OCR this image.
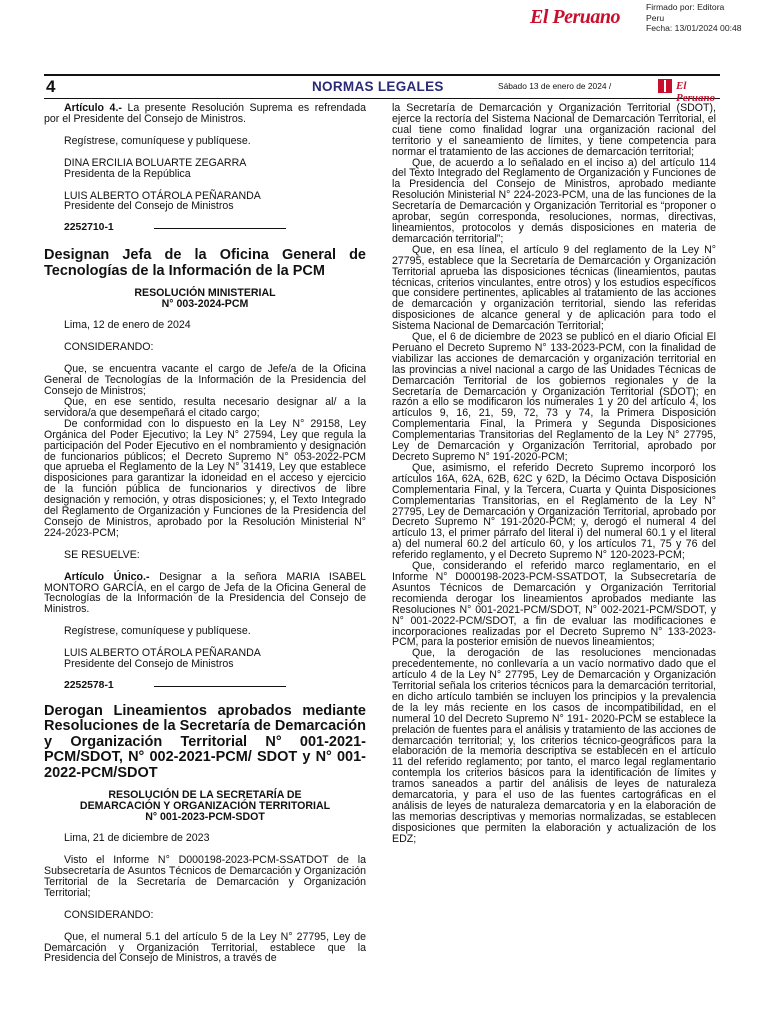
El Peruano	Firmado por: Editora
Peru
Fecha: 13/01/2024 00:48
4	NORMAS LEGALES	Sábado 13 de enero de 2024 /	El Peruano

Artículo 4.- La presente Resolución Suprema es refrendada por el Presidente del Consejo de Ministros.

Regístrese, comuníquese y publíquese.

DINA ERCILIA BOLUARTE ZEGARRA

Presidenta de la República

LUIS ALBERTO OTÁROLA PEÑARANDA

Presidente del Consejo de Ministros

2252710-1

Designan Jefa de la Oficina General de Tecnologías de la Información de la PCM

RESOLUCIÓN MINISTERIAL

N° 003-2024-PCM

Lima, 12 de enero de 2024

CONSIDERANDO:

Que, se encuentra vacante el cargo de Jefe/a de la Oficina General de Tecnologías de la Información de la Presidencia del Consejo de Ministros;

Que, en ese sentido, resulta necesario designar al/ a la servidora/a que desempeñará el citado cargo;

De conformidad con lo dispuesto en la Ley N° 29158, Ley Orgánica del Poder Ejecutivo; la Ley N° 27594, Ley que regula la participación del Poder Ejecutivo en el nombramiento y designación de funcionarios públicos; el Decreto Supremo N° 053-2022-PCM que aprueba el Reglamento de la Ley N° 31419, Ley que establece disposiciones para garantizar la idoneidad en el acceso y ejercicio de la función pública de funcionarios y directivos de libre designación y remoción, y otras disposiciones; y, el Texto Integrado del Reglamento de Organización y Funciones de la Presidencia del Consejo de Ministros, aprobado por la Resolución Ministerial N° 224-2023-PCM;

SE RESUELVE:

Artículo Único.- Designar a la señora MARIA ISABEL MONTORO GARCÍA, en el cargo de Jefa de la Oficina General de Tecnologías de la Información de la Presidencia del Consejo de Ministros.

Regístrese, comuníquese y publíquese.

LUIS ALBERTO OTÁROLA PEÑARANDA

Presidente del Consejo de Ministros

2252578-1

Derogan Lineamientos aprobados mediante Resoluciones de la Secretaría de Demarcación y Organización Territorial N° 001-2021-PCM/SDOT, N° 002-2021-PCM/ SDOT y N° 001-2022-PCM/SDOT

RESOLUCIÓN DE LA SECRETARÍA DE

DEMARCACIÓN Y ORGANIZACIÓN TERRITORIAL

N° 001-2023-PCM-SDOT

Lima, 21 de diciembre de 2023

Visto el Informe N° D000198-2023-PCM-SSATDOT de la Subsecretaría de Asuntos Técnicos de Demarcación y Organización Territorial de la Secretaría de Demarcación y Organización Territorial;

CONSIDERANDO:

Que, el numeral 5.1 del artículo 5 de la Ley N° 27795, Ley de Demarcación y Organización Territorial, establece que la Presidencia del Consejo de Ministros, a través de

la Secretaría de Demarcación y Organización Territorial (SDOT), ejerce la rectoría del Sistema Nacional de Demarcación Territorial, el cual tiene como finalidad lograr una organización racional del territorio y el saneamiento de límites, y tiene competencia para normar el tratamiento de las acciones de demarcación territorial;

Que, de acuerdo a lo señalado en el inciso a) del artículo 114 del Texto Integrado del Reglamento de Organización y Funciones de la Presidencia del Consejo de Ministros, aprobado mediante Resolución Ministerial N° 224-2023-PCM, una de las funciones de la Secretaría de Demarcación y Organización Territorial es “proponer o aprobar, según corresponda, resoluciones, normas, directivas, lineamientos, protocolos y demás disposiciones en materia de demarcación territorial”;

Que, en esa línea, el artículo 9 del reglamento de la Ley N° 27795, establece que la Secretaría de Demarcación y Organización Territorial aprueba las disposiciones técnicas (lineamientos, pautas técnicas, criterios vinculantes, entre otros) y los estudios específicos que considere pertinentes, aplicables al tratamiento de las acciones de demarcación y organización territorial, siendo las referidas disposiciones de alcance general y de aplicación para todo el Sistema Nacional de Demarcación Territorial;

Que, el 6 de diciembre de 2023 se publicó en el diario Oficial El Peruano el Decreto Supremo N° 133-2023-PCM, con la finalidad de viabilizar las acciones de demarcación y organización territorial en las provincias a nivel nacional a cargo de las Unidades Técnicas de Demarcación Territorial de los gobiernos regionales y de la Secretaría de Demarcación y Organización Territorial (SDOT); en razón a ello se modificaron los numerales 1 y 20 del artículo 4, los artículos 9, 16, 21, 59, 72, 73 y 74, la Primera Disposición Complementaria Final, la Primera y Segunda Disposiciones Complementarias Transitorias del Reglamento de la Ley N° 27795, Ley de Demarcación y Organización Territorial, aprobado por Decreto Supremo N° 191-2020-PCM;

Que, asimismo, el referido Decreto Supremo incorporó los artículos 16A, 62A, 62B, 62C y 62D, la Décimo Octava Disposición Complementaria Final, y la Tercera, Cuarta y Quinta Disposiciones Complementarias Transitorias, en el Reglamento de la Ley N° 27795, Ley de Demarcación y Organización Territorial, aprobado por Decreto Supremo N° 191-2020-PCM; y, derogó el numeral 4 del artículo 13, el primer párrafo del literal i) del numeral 60.1 y el literal a) del numeral 60.2 del artículo 60, y los artículos 71, 75 y 76 del referido reglamento, y el Decreto Supremo N° 120-2023-PCM;

Que, considerando el referido marco reglamentario, en el Informe N° D000198-2023-PCM-SSATDOT, la Subsecretaría de Asuntos Técnicos de Demarcación y Organización Territorial recomienda derogar los lineamientos aprobados mediante las Resoluciones N° 001-2021-PCM/SDOT, N° 002-2021-PCM/SDOT, y N° 001-2022-PCM/SDOT, a fin de evaluar las modificaciones e incorporaciones realizadas por el Decreto Supremo N° 133-2023-PCM, para la posterior emisión de nuevos lineamientos;

Que, la derogación de las resoluciones mencionadas precedentemente, no conllevaría a un vacío normativo dado que el artículo 4 de la Ley N° 27795, Ley de Demarcación y Organización Territorial señala los criterios técnicos para la demarcación territorial, en dicho artículo también se incluyen los principios y la prevalencia de la ley más reciente en los casos de incompatibilidad, en el numeral 10 del Decreto Supremo N° 191- 2020-PCM se establece la prelación de fuentes para el análisis y tratamiento de las acciones de demarcación territorial; y, los criterios técnico-geográficos para la elaboración de la memoria descriptiva se establecen en el artículo 11 del referido reglamento; por tanto, el marco legal reglamentario contempla los criterios básicos para la identificación de límites y tramos saneados a partir del análisis de leyes de naturaleza demarcatoria, y para el uso de las fuentes cartográficas en el análisis de leyes de naturaleza demarcatoria y en la elaboración de las memorias descriptivas y memorias normalizadas, se establecen disposiciones que permiten la elaboración y actualización de los EDZ;
